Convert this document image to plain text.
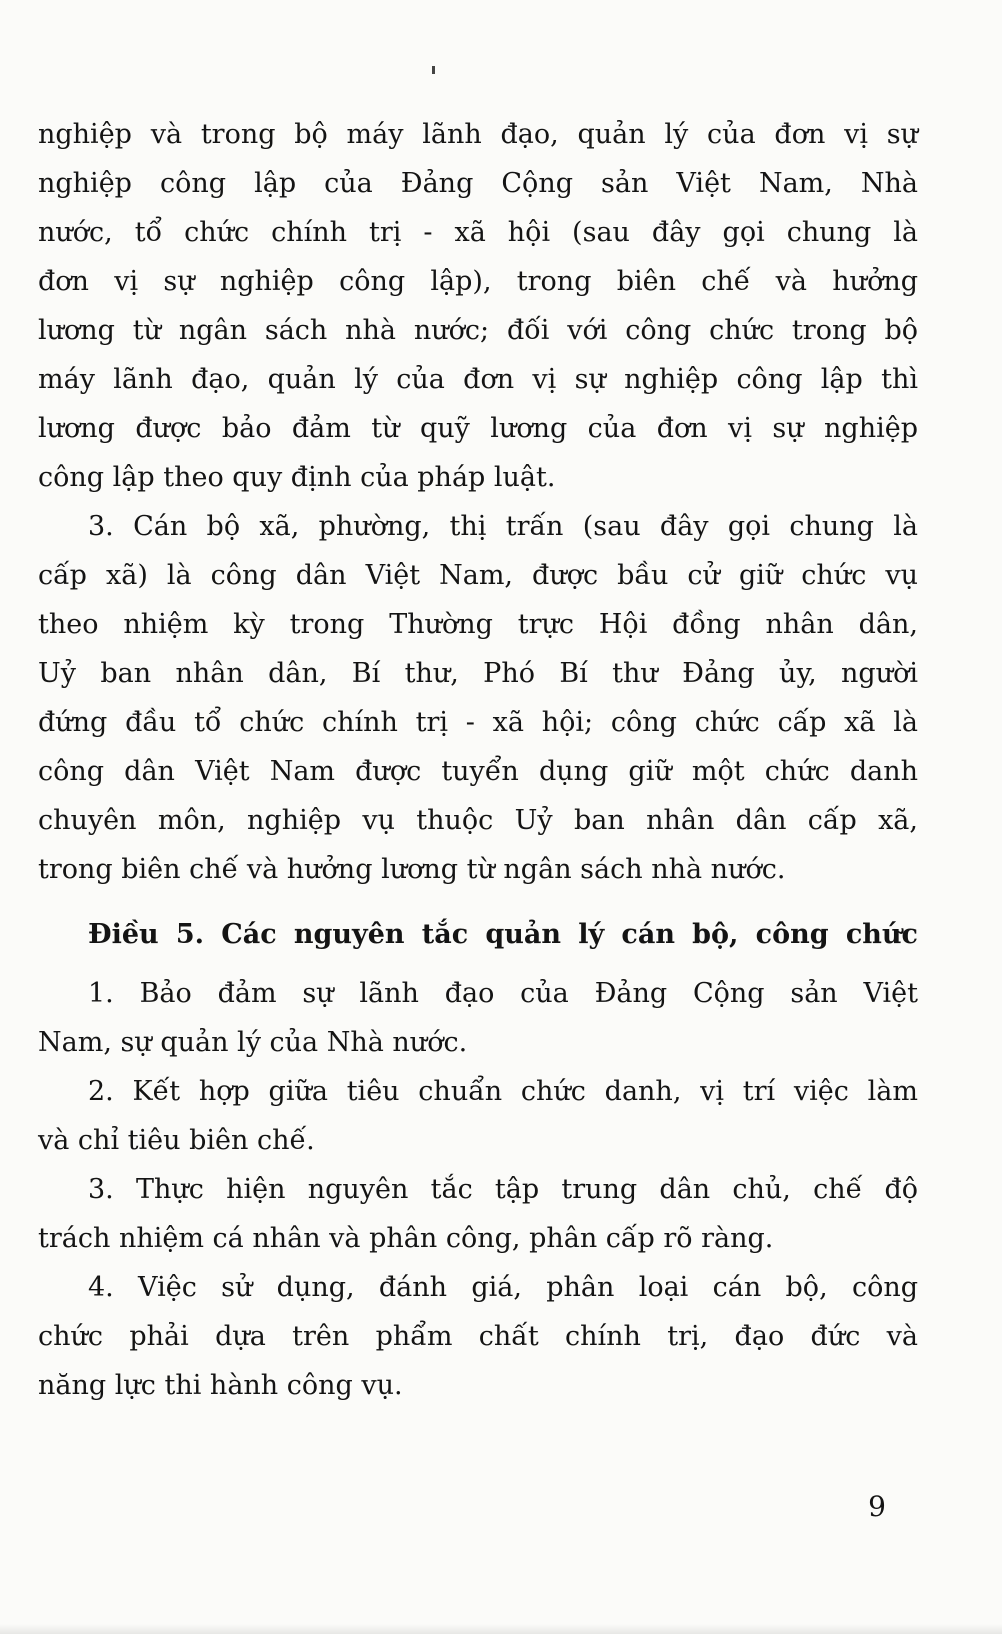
nghiệp và trong bộ máy lãnh đạo, quản lý của đơn vị sự
nghiệp công lập của Đảng Cộng sản Việt Nam, Nhà
nước, tổ chức chính trị - xã hội (sau đây gọi chung là
đơn vị sự nghiệp công lập), trong biên chế và hưởng
lương từ ngân sách nhà nước; đối với công chức trong bộ
máy lãnh đạo, quản lý của đơn vị sự nghiệp công lập thì
lương được bảo đảm từ quỹ lương của đơn vị sự nghiệp
công lập theo quy định của pháp luật.
3. Cán bộ xã, phường, thị trấn (sau đây gọi chung là
cấp xã) là công dân Việt Nam, được bầu cử giữ chức vụ
theo nhiệm kỳ trong Thường trực Hội đồng nhân dân,
Uỷ ban nhân dân, Bí thư, Phó Bí thư Đảng ủy, người
đứng đầu tổ chức chính trị - xã hội; công chức cấp xã là
công dân Việt Nam được tuyển dụng giữ một chức danh
chuyên môn, nghiệp vụ thuộc Uỷ ban nhân dân cấp xã,
trong biên chế và hưởng lương từ ngân sách nhà nước.
Điều 5. Các nguyên tắc quản lý cán bộ, công chức
1. Bảo đảm sự lãnh đạo của Đảng Cộng sản Việt
Nam, sự quản lý của Nhà nước.
2. Kết hợp giữa tiêu chuẩn chức danh, vị trí việc làm
và chỉ tiêu biên chế.
3. Thực hiện nguyên tắc tập trung dân chủ, chế độ
trách nhiệm cá nhân và phân công, phân cấp rõ ràng.
4. Việc sử dụng, đánh giá, phân loại cán bộ, công
chức phải dựa trên phẩm chất chính trị, đạo đức và
năng lực thi hành công vụ.
9
